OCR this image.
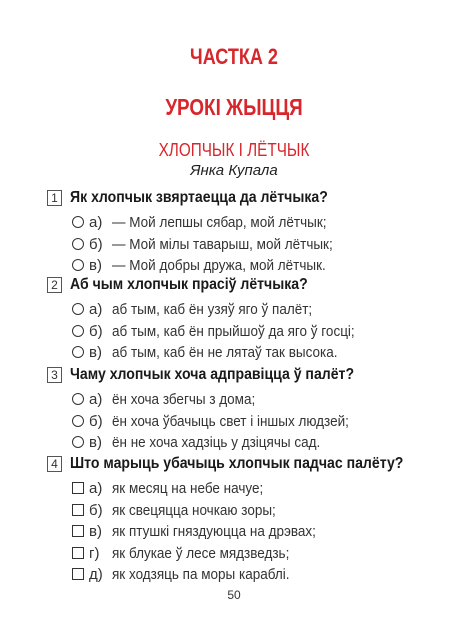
ЧАСТКА 2
УРОКІ ЖЫЦЦЯ
ХЛОПЧЫК І ЛЁТЧЫК
Янка Купала
1 Як хлопчык звяртаецца да лётчыка?
а) — Мой лепшы сябар, мой лётчык;
б) — Мой мілы таварыш, мой лётчык;
в) — Мой добры дружа, мой лётчык.
2 Аб чым хлопчык прасіў лётчыка?
а) аб тым, каб ён узяў яго ў палёт;
б) аб тым, каб ён прыйшоў да яго ў госці;
в) аб тым, каб ён не лятаў так высока.
3 Чаму хлопчык хоча адправіцца ў палёт?
а) ён хоча збегчы з дома;
б) ён хоча ўбачыць свет і іншых людзей;
в) ён не хоча хадзіць у дзіцячы сад.
4 Што марыць убачыць хлопчык падчас палёту?
а) як месяц на небе начуе;
б) як свецяцца ночкаю зоры;
в) як птушкі гняздуюцца на дрэвах;
г) як блукае ў лесе мядзведзь;
д) як ходзяць па моры караблі.
50
